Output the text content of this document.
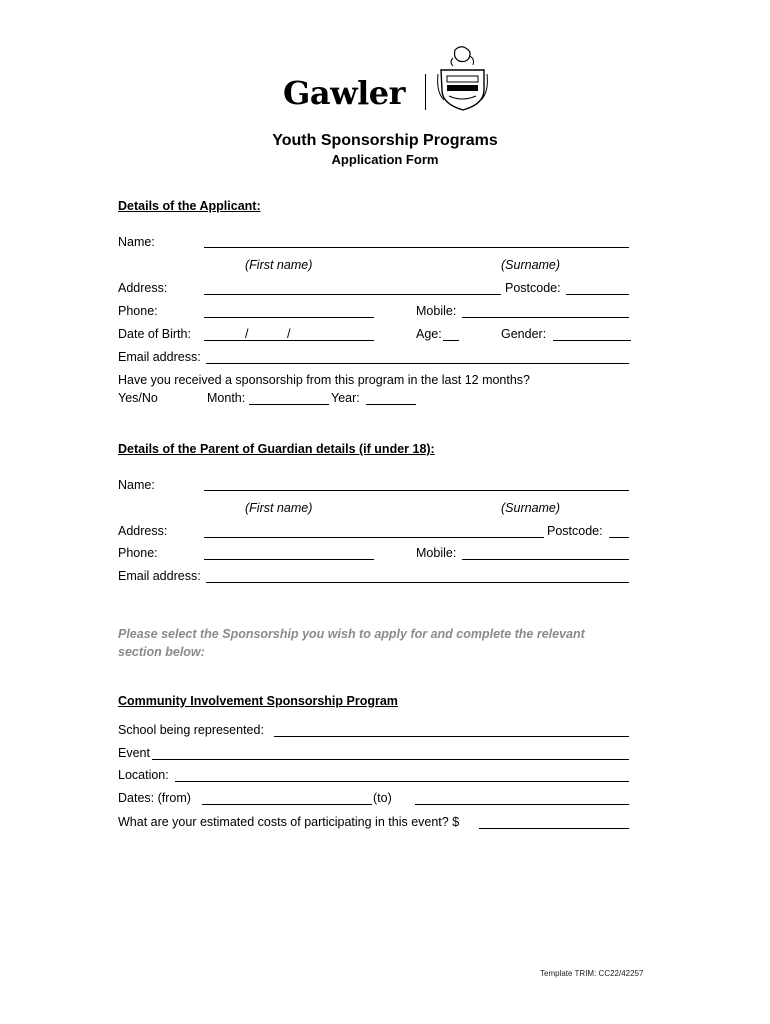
Gawler
Youth Sponsorship Programs
Application Form
Details of the Applicant:
Name:
(First name)	(Surname)
Address:	Postcode:
Phone:	Mobile:
Date of Birth:	/	/	Age:	Gender:
Email address:
Have you received a sponsorship from this program in the last 12 months?
Yes/No	Month:	Year:
Details of the Parent of Guardian details (if under 18):
Name:
(First name)	(Surname)
Address:	Postcode:
Phone:	Mobile:
Email address:
Please select the Sponsorship you wish to apply for and complete the relevant
section below:
Community Involvement Sponsorship Program
School being represented:
Event
Location:
Dates: (from)	(to)
What are your estimated costs of participating in this event? $
Template TRIM: CC22/42257
